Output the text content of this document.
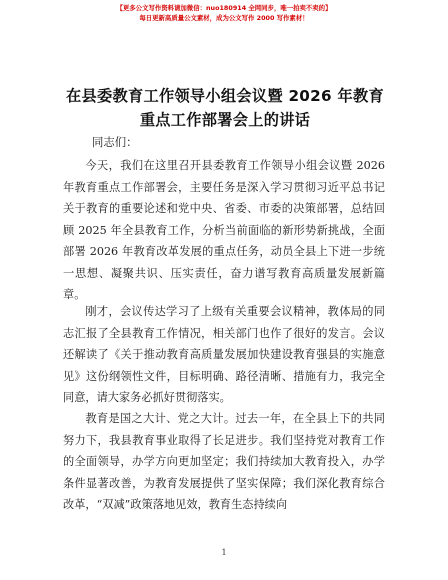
【更多公文写作资料请加微信：nuo180914 全网同步，唯一拍卖不卖的】
每日更新高质量公文素材，成为公文写作 2000 写作素材！
在县委教育工作领导小组会议暨 2026 年教育重点工作部署会上的讲话
同志们：

今天，我们在这里召开县委教育工作领导小组会议暨 2026 年教育重点工作部署会，主要任务是深入学习贯彻习近平总书记关于教育的重要论述和党中央、省委、市委的决策部署，总结回顾 2025 年全县教育工作，分析当前面临的新形势新挑战，全面部署 2026 年教育改革发展的重点任务，动员全县上下进一步统一思想、凝聚共识、压实责任，奋力谱写教育高质量发展新篇章。

刚才，会议传达学习了上级有关重要会议精神，教体局的同志汇报了全县教育工作情况，相关部门也作了很好的发言。会议还解读了《关于推动教育高质量发展加快建设教育强县的实施意见》这份纲领性文件，目标明确、路径清晰、措施有力，我完全同意，请大家务必抓好贯彻落实。

教育是国之大计、党之大计。过去一年，在全县上下的共同努力下，我县教育事业取得了长足进步。我们坚持党对教育工作的全面领导，办学方向更加坚定；我们持续加大教育投入，办学条件显著改善，为教育发展提供了坚实保障；我们深化教育综合改革，“双减”政策落地见效，教育生态持续向

1
